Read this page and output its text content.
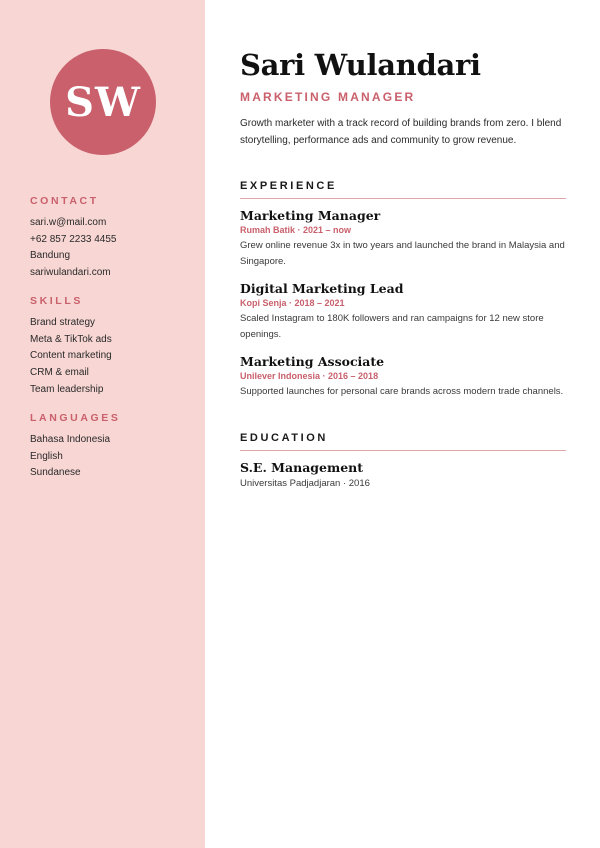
SW
CONTACT
sari.w@mail.com
+62 857 2233 4455
Bandung
sariwulandari.com
SKILLS
Brand strategy
Meta & TikTok ads
Content marketing
CRM & email
Team leadership
LANGUAGES
Bahasa Indonesia
English
Sundanese
Sari Wulandari
MARKETING MANAGER

Growth marketer with a track record of building brands from zero. I blend storytelling, performance ads and community to grow revenue.

EXPERIENCE
Marketing Manager
Rumah Batik · 2021 – now
Grew online revenue 3x in two years and launched the brand in Malaysia and Singapore.
Digital Marketing Lead
Kopi Senja · 2018 – 2021
Scaled Instagram to 180K followers and ran campaigns for 12 new store openings.
Marketing Associate
Unilever Indonesia · 2016 – 2018
Supported launches for personal care brands across modern trade channels.
EDUCATION
S.E. Management
Universitas Padjadjaran · 2016
